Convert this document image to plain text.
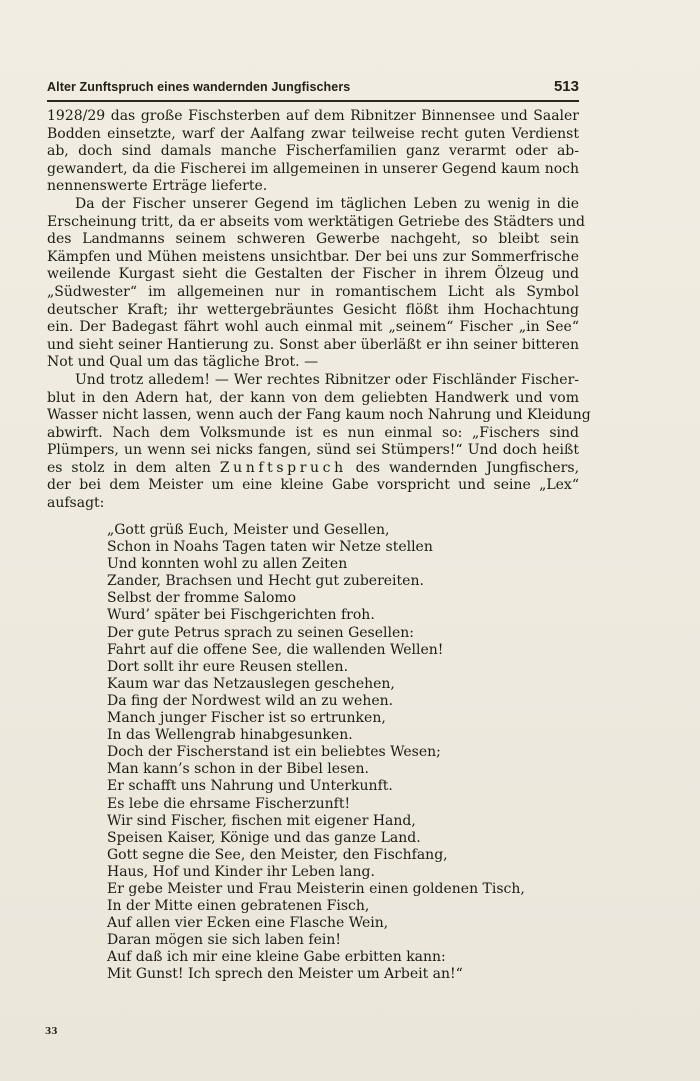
Alter Zunftspruch eines wandernden Jungfischers	513
1928/29 das große Fischsterben auf dem Ribnitzer Binnensee und Saaler
Bodden einsetzte, warf der Aalfang zwar teilweise recht guten Verdienst
ab, doch sind damals manche Fischerfamilien ganz verarmt oder ab-
gewandert, da die Fischerei im allgemeinen in unserer Gegend kaum noch
nennenswerte Erträge lieferte.
Da der Fischer unserer Gegend im täglichen Leben zu wenig in die
Erscheinung tritt, da er abseits vom werktätigen Getriebe des Städters und
des Landmanns seinem schweren Gewerbe nachgeht, so bleibt sein
Kämpfen und Mühen meistens unsichtbar. Der bei uns zur Sommerfrische
weilende Kurgast sieht die Gestalten der Fischer in ihrem Ölzeug und
„Südwester“ im allgemeinen nur in romantischem Licht als Symbol
deutscher Kraft; ihr wettergebräuntes Gesicht flößt ihm Hochachtung
ein. Der Badegast fährt wohl auch einmal mit „seinem“ Fischer „in See“
und sieht seiner Hantierung zu. Sonst aber überläßt er ihn seiner bitteren
Not und Qual um das tägliche Brot. —
Und trotz alledem! — Wer rechtes Ribnitzer oder Fischländer Fischer-
blut in den Adern hat, der kann von dem geliebten Handwerk und vom
Wasser nicht lassen, wenn auch der Fang kaum noch Nahrung und Kleidung
abwirft. Nach dem Volksmunde ist es nun einmal so: „Fischers sind
Plümpers, un wenn sei nicks fangen, sünd sei Stümpers!“ Und doch heißt
es stolz in dem alten Zunftspruch des wandernden Jungfischers,
der bei dem Meister um eine kleine Gabe vorspricht und seine „Lex“
aufsagt:
„Gott grüß Euch, Meister und Gesellen,
Schon in Noahs Tagen taten wir Netze stellen
Und konnten wohl zu allen Zeiten
Zander, Brachsen und Hecht gut zubereiten.
Selbst der fromme Salomo
Wurd’ später bei Fischgerichten froh.
Der gute Petrus sprach zu seinen Gesellen:
Fahrt auf die offene See, die wallenden Wellen!
Dort sollt ihr eure Reusen stellen.
Kaum war das Netzauslegen geschehen,
Da fing der Nordwest wild an zu wehen.
Manch junger Fischer ist so ertrunken,
In das Wellengrab hinabgesunken.
Doch der Fischerstand ist ein beliebtes Wesen;
Man kann’s schon in der Bibel lesen.
Er schafft uns Nahrung und Unterkunft.
Es lebe die ehrsame Fischerzunft!
Wir sind Fischer, fischen mit eigener Hand,
Speisen Kaiser, Könige und das ganze Land.
Gott segne die See, den Meister, den Fischfang,
Haus, Hof und Kinder ihr Leben lang.
Er gebe Meister und Frau Meisterin einen goldenen Tisch,
In der Mitte einen gebratenen Fisch,
Auf allen vier Ecken eine Flasche Wein,
Daran mögen sie sich laben fein!
Auf daß ich mir eine kleine Gabe erbitten kann:
Mit Gunst! Ich sprech den Meister um Arbeit an!“
33
